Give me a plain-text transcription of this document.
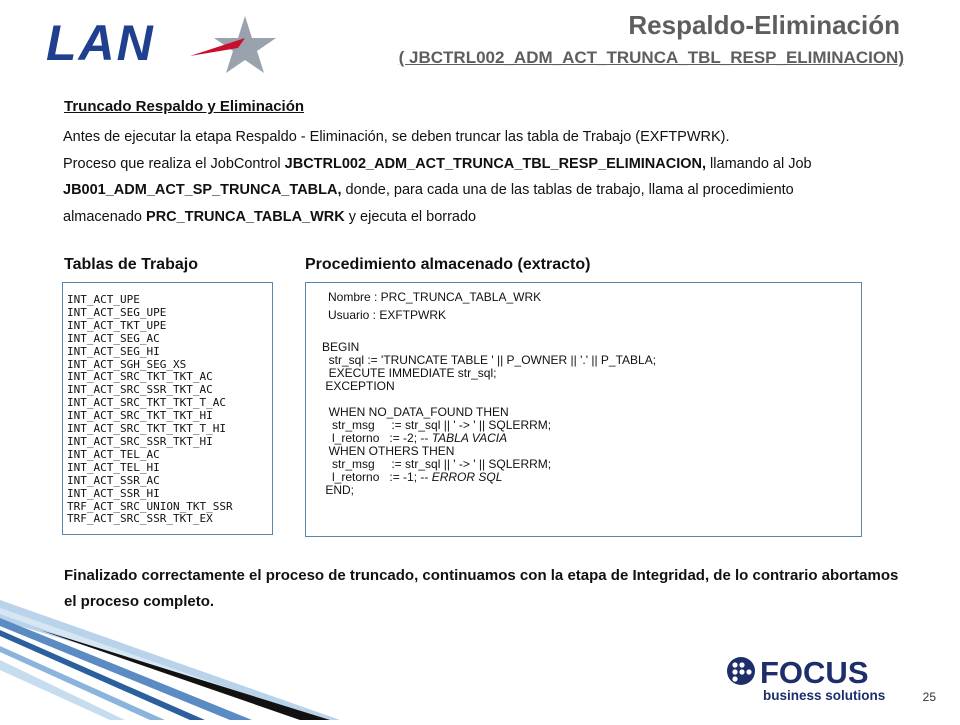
LAN	Respaldo-Eliminación
( JBCTRL002_ADM_ACT_TRUNCA_TBL_RESP_ELIMINACION)
Truncado Respaldo y Eliminación
Antes de ejecutar la etapa Respaldo - Eliminación, se deben truncar las tabla de Trabajo (EXFTPWRK).
Proceso que realiza el JobControl JBCTRL002_ADM_ACT_TRUNCA_TBL_RESP_ELIMINACION, llamando al Job
JB001_ADM_ACT_SP_TRUNCA_TABLA, donde, para cada una de las tablas de trabajo, llama al procedimiento
almacenado PRC_TRUNCA_TABLA_WRK y ejecuta el borrado
Tablas de Trabajo	Procedimiento almacenado (extracto)
INT_ACT_UPE
INT_ACT_SEG_UPE
INT_ACT_TKT_UPE
INT_ACT_SEG_AC
INT_ACT_SEG_HI
INT_ACT_SGH_SEG_XS
INT_ACT_SRC_TKT_TKT_AC
INT_ACT_SRC_SSR_TKT_AC
INT_ACT_SRC_TKT_TKT_T_AC
INT_ACT_SRC_TKT_TKT_HI
INT_ACT_SRC_TKT_TKT_T_HI
INT_ACT_SRC_SSR_TKT_HI
INT_ACT_TEL_AC
INT_ACT_TEL_HI
INT_ACT_SSR_AC
INT_ACT_SSR_HI
TRF_ACT_SRC_UNION_TKT_SSR
TRF_ACT_SRC_SSR_TKT_EX
Nombre : PRC_TRUNCA_TABLA_WRK
Usuario : EXFTPWRK
BEGIN
str_sql := 'TRUNCATE TABLE ' || P_OWNER || '.' || P_TABLA;
EXECUTE IMMEDIATE str_sql;
EXCEPTION
WHEN NO_DATA_FOUND THEN
str_msg     := str_sql || ' -> ' || SQLERRM;
l_retorno   := -2; -- TABLA VACIA
WHEN OTHERS THEN
str_msg     := str_sql || ' -> ' || SQLERRM;
l_retorno   := -1; -- ERROR SQL
END;
Finalizado correctamente el proceso de truncado, continuamos con la etapa de Integridad, de lo contrario abortamos el proceso completo.
FOCUS
business solutions	25
